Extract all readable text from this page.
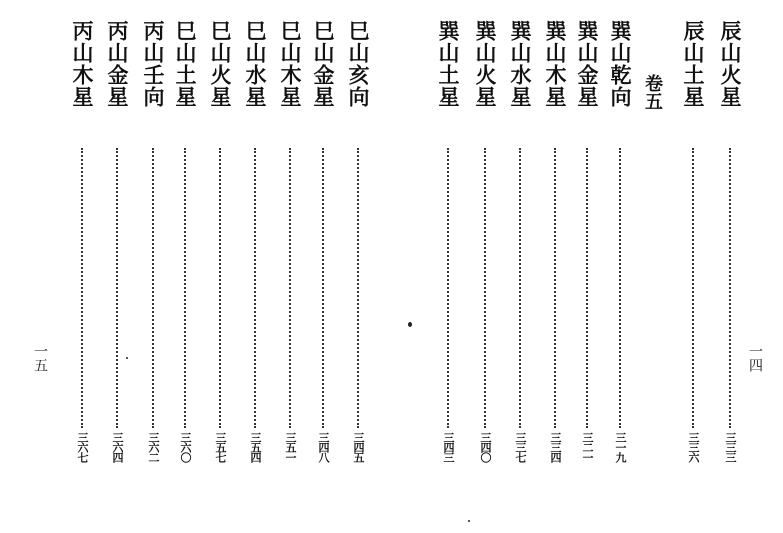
辰山火星
三三三
辰山土星
三三六
卷五
巽山乾向
三一九
巽山金星
三二一
巽山木星
三三四
巽山水星
三三七
巽山火星
三四〇
巽山土星
三四三
一四
巳山亥向
三四五
巳山金星
三四八
巳山木星
三五一
巳山水星
三五四
巳山火星
三五七
巳山土星
三六〇
丙山壬向
三六二
丙山金星
三六四
丙山木星
三六七
一五
